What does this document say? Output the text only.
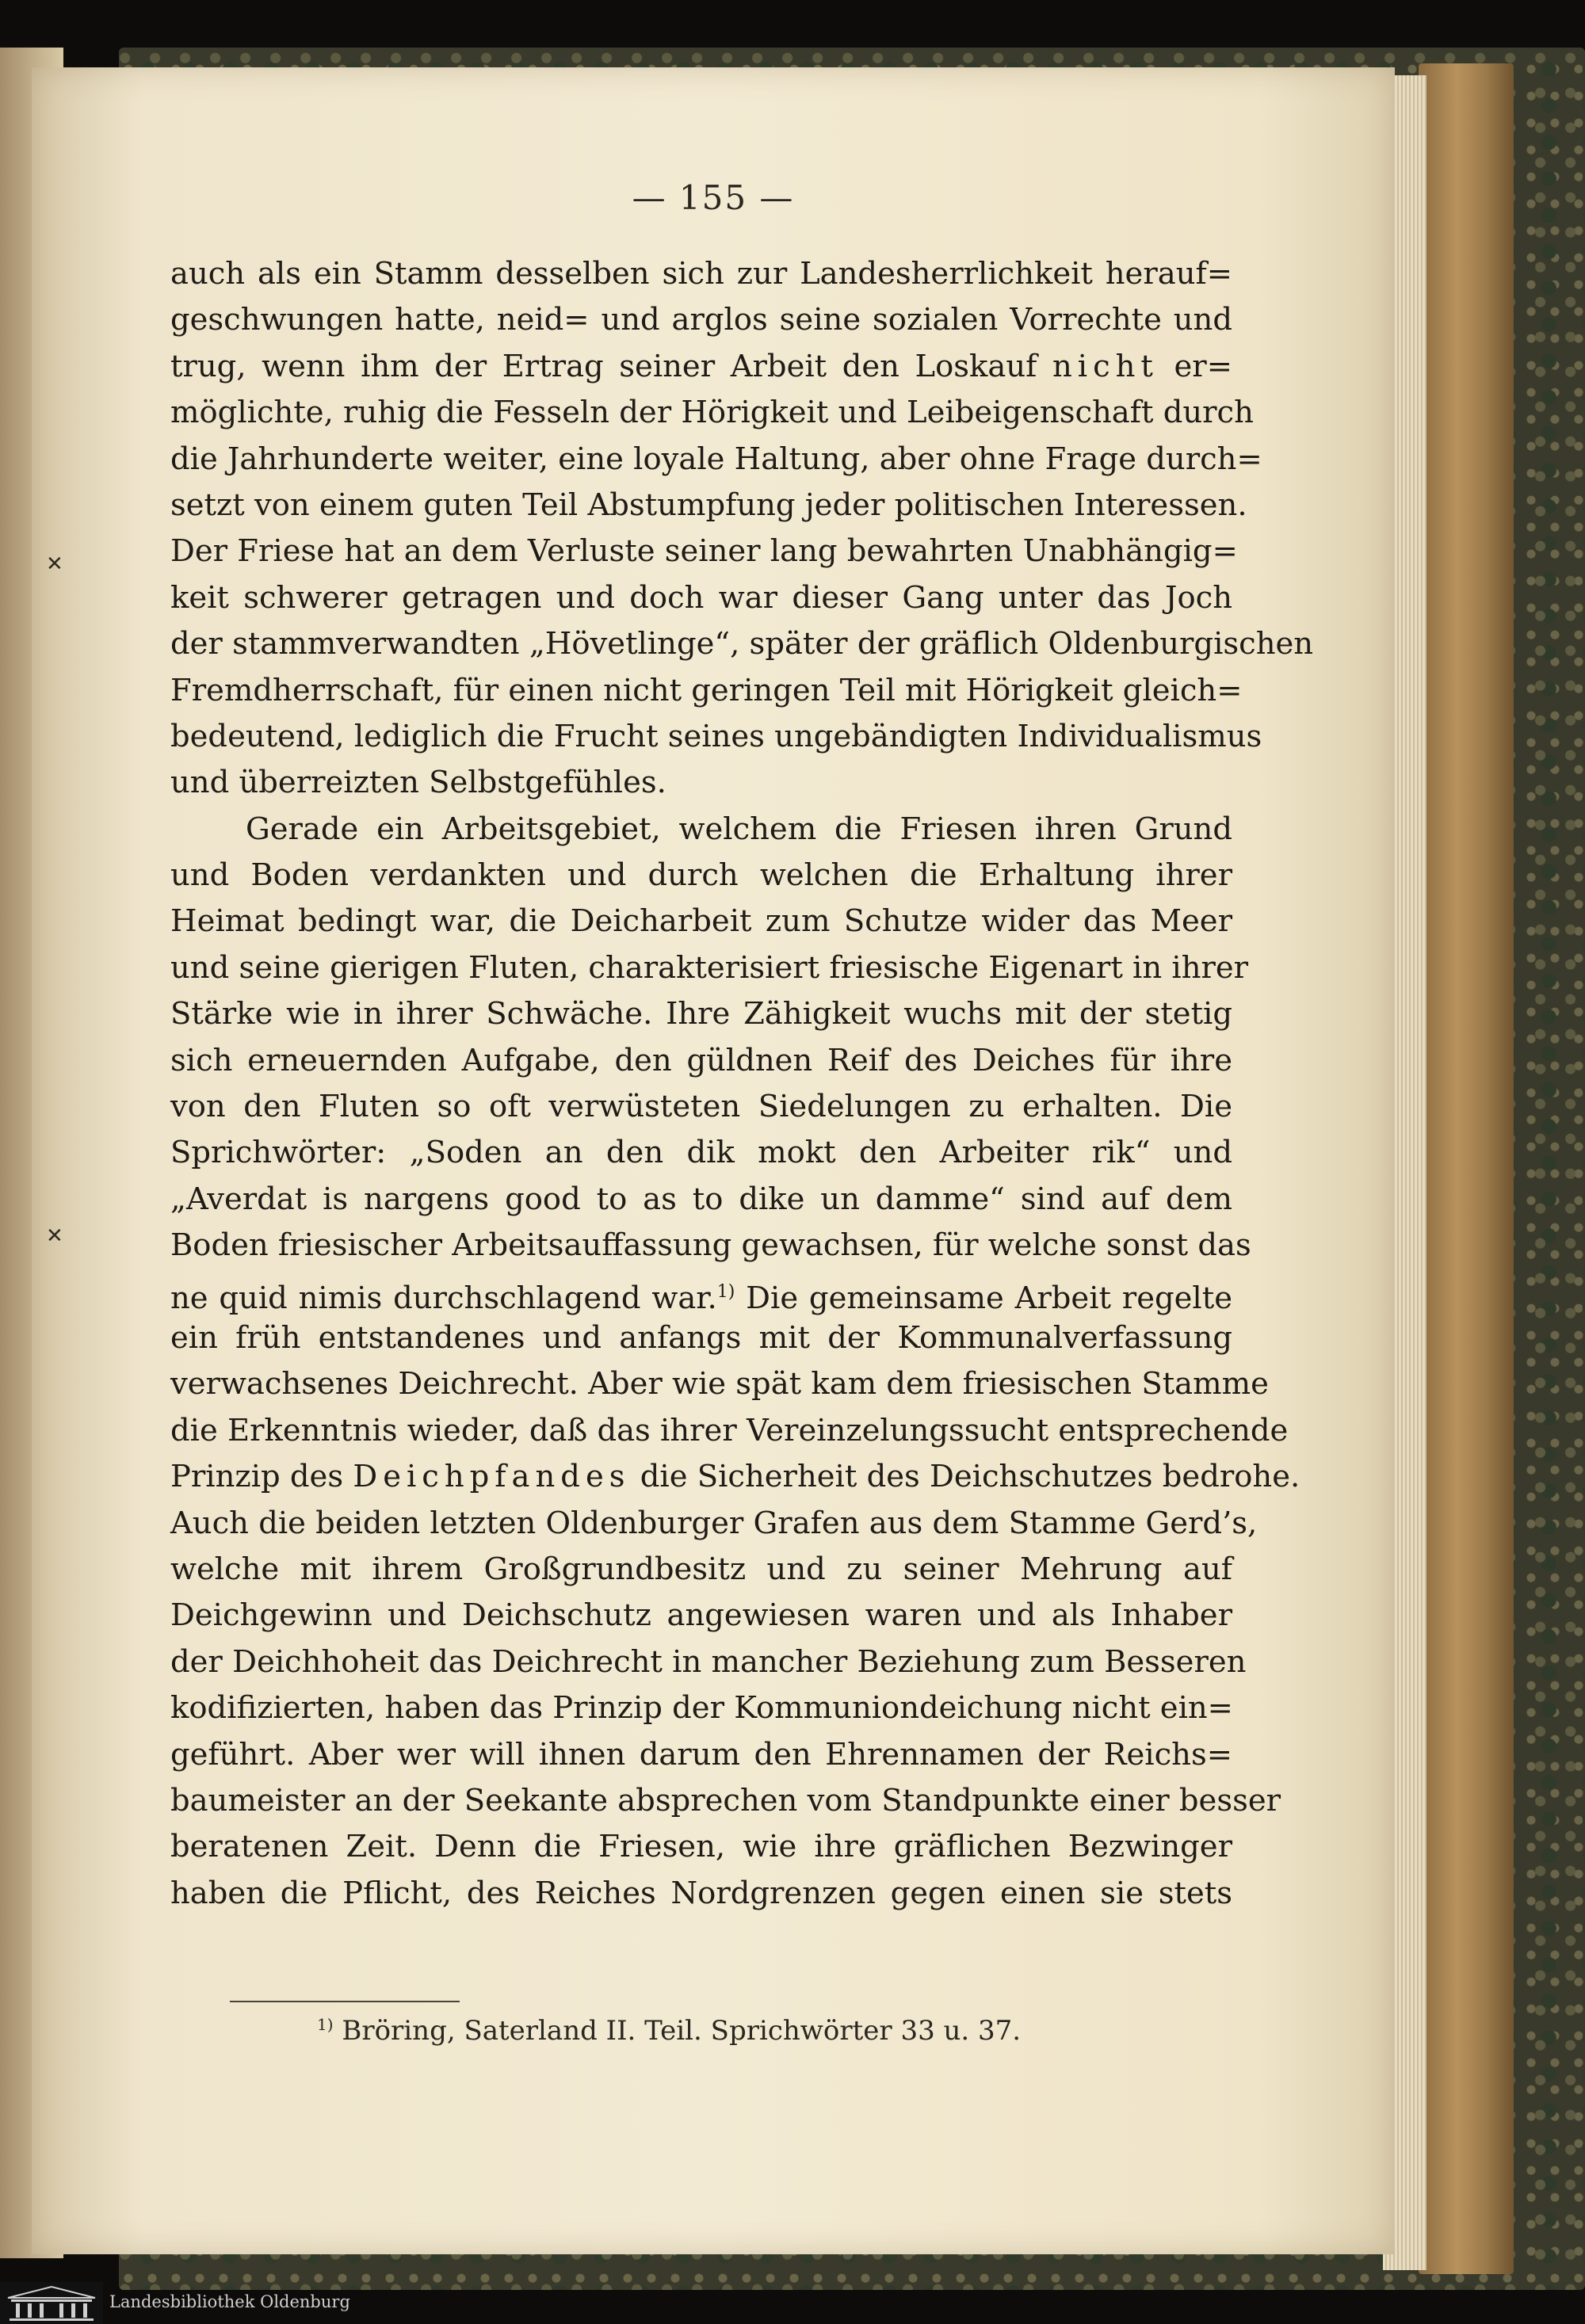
— 155 —
auch als ein Stamm desselben sich zur Landesherrlichkeit herauf=
geschwungen hatte, neid= und arglos seine sozialen Vorrechte und
trug, wenn ihm der Ertrag seiner Arbeit den Loskauf nicht er=
möglichte, ruhig die Fesseln der Hörigkeit und Leibeigenschaft durch
die Jahrhunderte weiter, eine loyale Haltung, aber ohne Frage durch=
setzt von einem guten Teil Abstumpfung jeder politischen Interessen.
Der Friese hat an dem Verluste seiner lang bewahrten Unabhängig=
keit schwerer getragen und doch war dieser Gang unter das Joch
der stammverwandten „Hövetlinge“, später der gräflich Oldenburgischen
Fremdherrschaft, für einen nicht geringen Teil mit Hörigkeit gleich=
bedeutend, lediglich die Frucht seines ungebändigten Individualismus
und überreizten Selbstgefühles.
Gerade ein Arbeitsgebiet, welchem die Friesen ihren Grund
und Boden verdankten und durch welchen die Erhaltung ihrer
Heimat bedingt war, die Deicharbeit zum Schutze wider das Meer
und seine gierigen Fluten, charakterisiert friesische Eigenart in ihrer
Stärke wie in ihrer Schwäche. Ihre Zähigkeit wuchs mit der stetig
sich erneuernden Aufgabe, den güldnen Reif des Deiches für ihre
von den Fluten so oft verwüsteten Siedelungen zu erhalten. Die
Sprichwörter: „Soden an den dik mokt den Arbeiter rik“ und
„Averdat is nargens good to as to dike un damme“ sind auf dem
Boden friesischer Arbeitsauffassung gewachsen, für welche sonst das
ne quid nimis durchschlagend war.$^{1)}$ Die gemeinsame Arbeit regelte
ein früh entstandenes und anfangs mit der Kommunalverfassung
verwachsenes Deichrecht. Aber wie spät kam dem friesischen Stamme
die Erkenntnis wieder, daß das ihrer Vereinzelungssucht entsprechende
Prinzip des Deichpfandes die Sicherheit des Deichschutzes bedrohe.
Auch die beiden letzten Oldenburger Grafen aus dem Stamme Gerd’s,
welche mit ihrem Großgrundbesitz und zu seiner Mehrung auf
Deichgewinn und Deichschutz angewiesen waren und als Inhaber
der Deichhoheit das Deichrecht in mancher Beziehung zum Besseren
kodifizierten, haben das Prinzip der Kommuniondeichung nicht ein=
geführt. Aber wer will ihnen darum den Ehrennamen der Reichs=
baumeister an der Seekante absprechen vom Standpunkte einer besser
beratenen Zeit. Denn die Friesen, wie ihre gräflichen Bezwinger
haben die Pflicht, des Reiches Nordgrenzen gegen einen sie stets
$^{1)}$ Bröring, Saterland II. Teil. Sprichwörter 33 u. 37.
✕
✕
Landesbibliothek Oldenburg
